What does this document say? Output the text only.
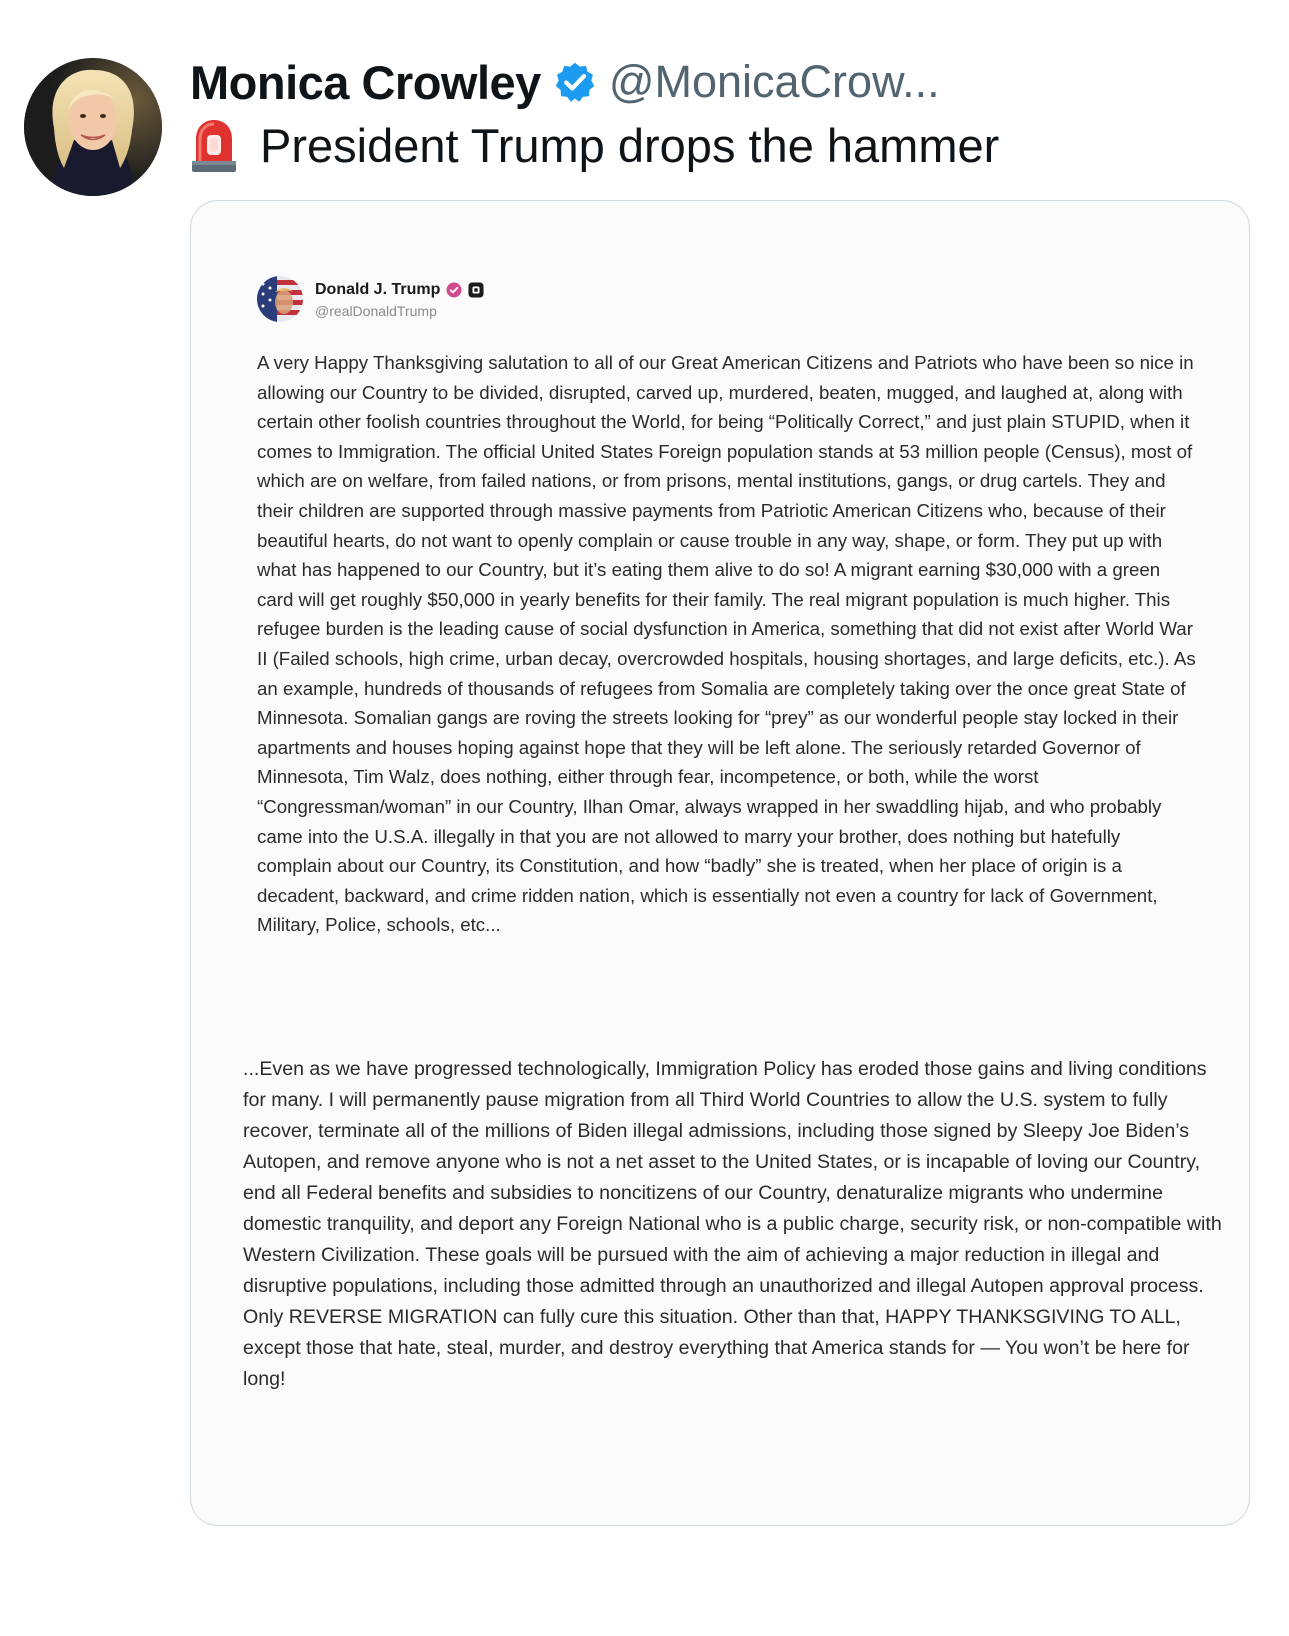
Monica Crowley @MonicaCrow...
President Trump drops the hammer
Donald J. Trump
@realDonaldTrump
A very Happy Thanksgiving salutation to all of our Great American Citizens and Patriots who have been so nice in allowing our Country to be divided, disrupted, carved up, murdered, beaten, mugged, and laughed at, along with certain other foolish countries throughout the World, for being “Politically Correct,” and just plain STUPID, when it comes to Immigration. The official United States Foreign population stands at 53 million people (Census), most of which are on welfare, from failed nations, or from prisons, mental institutions, gangs, or drug cartels. They and their children are supported through massive payments from Patriotic American Citizens who, because of their beautiful hearts, do not want to openly complain or cause trouble in any way, shape, or form. They put up with what has happened to our Country, but it’s eating them alive to do so! A migrant earning $30,000 with a green card will get roughly $50,000 in yearly benefits for their family. The real migrant population is much higher. This refugee burden is the leading cause of social dysfunction in America, something that did not exist after World War II (Failed schools, high crime, urban decay, overcrowded hospitals, housing shortages, and large deficits, etc.). As an example, hundreds of thousands of refugees from Somalia are completely taking over the once great State of Minnesota. Somalian gangs are roving the streets looking for “prey” as our wonderful people stay locked in their apartments and houses hoping against hope that they will be left alone. The seriously retarded Governor of Minnesota, Tim Walz, does nothing, either through fear, incompetence, or both, while the worst “Congressman/woman” in our Country, Ilhan Omar, always wrapped in her swaddling hijab, and who probably came into the U.S.A. illegally in that you are not allowed to marry your brother, does nothing but hatefully complain about our Country, its Constitution, and how “badly” she is treated, when her place of origin is a decadent, backward, and crime ridden nation, which is essentially not even a country for lack of Government, Military, Police, schools, etc...
...Even as we have progressed technologically, Immigration Policy has eroded those gains and living conditions for many. I will permanently pause migration from all Third World Countries to allow the U.S. system to fully recover, terminate all of the millions of Biden illegal admissions, including those signed by Sleepy Joe Biden’s Autopen, and remove anyone who is not a net asset to the United States, or is incapable of loving our Country, end all Federal benefits and subsidies to noncitizens of our Country, denaturalize migrants who undermine domestic tranquility, and deport any Foreign National who is a public charge, security risk, or non-compatible with Western Civilization. These goals will be pursued with the aim of achieving a major reduction in illegal and disruptive populations, including those admitted through an unauthorized and illegal Autopen approval process. Only REVERSE MIGRATION can fully cure this situation. Other than that, HAPPY THANKSGIVING TO ALL, except those that hate, steal, murder, and destroy everything that America stands for — You won’t be here for long!
